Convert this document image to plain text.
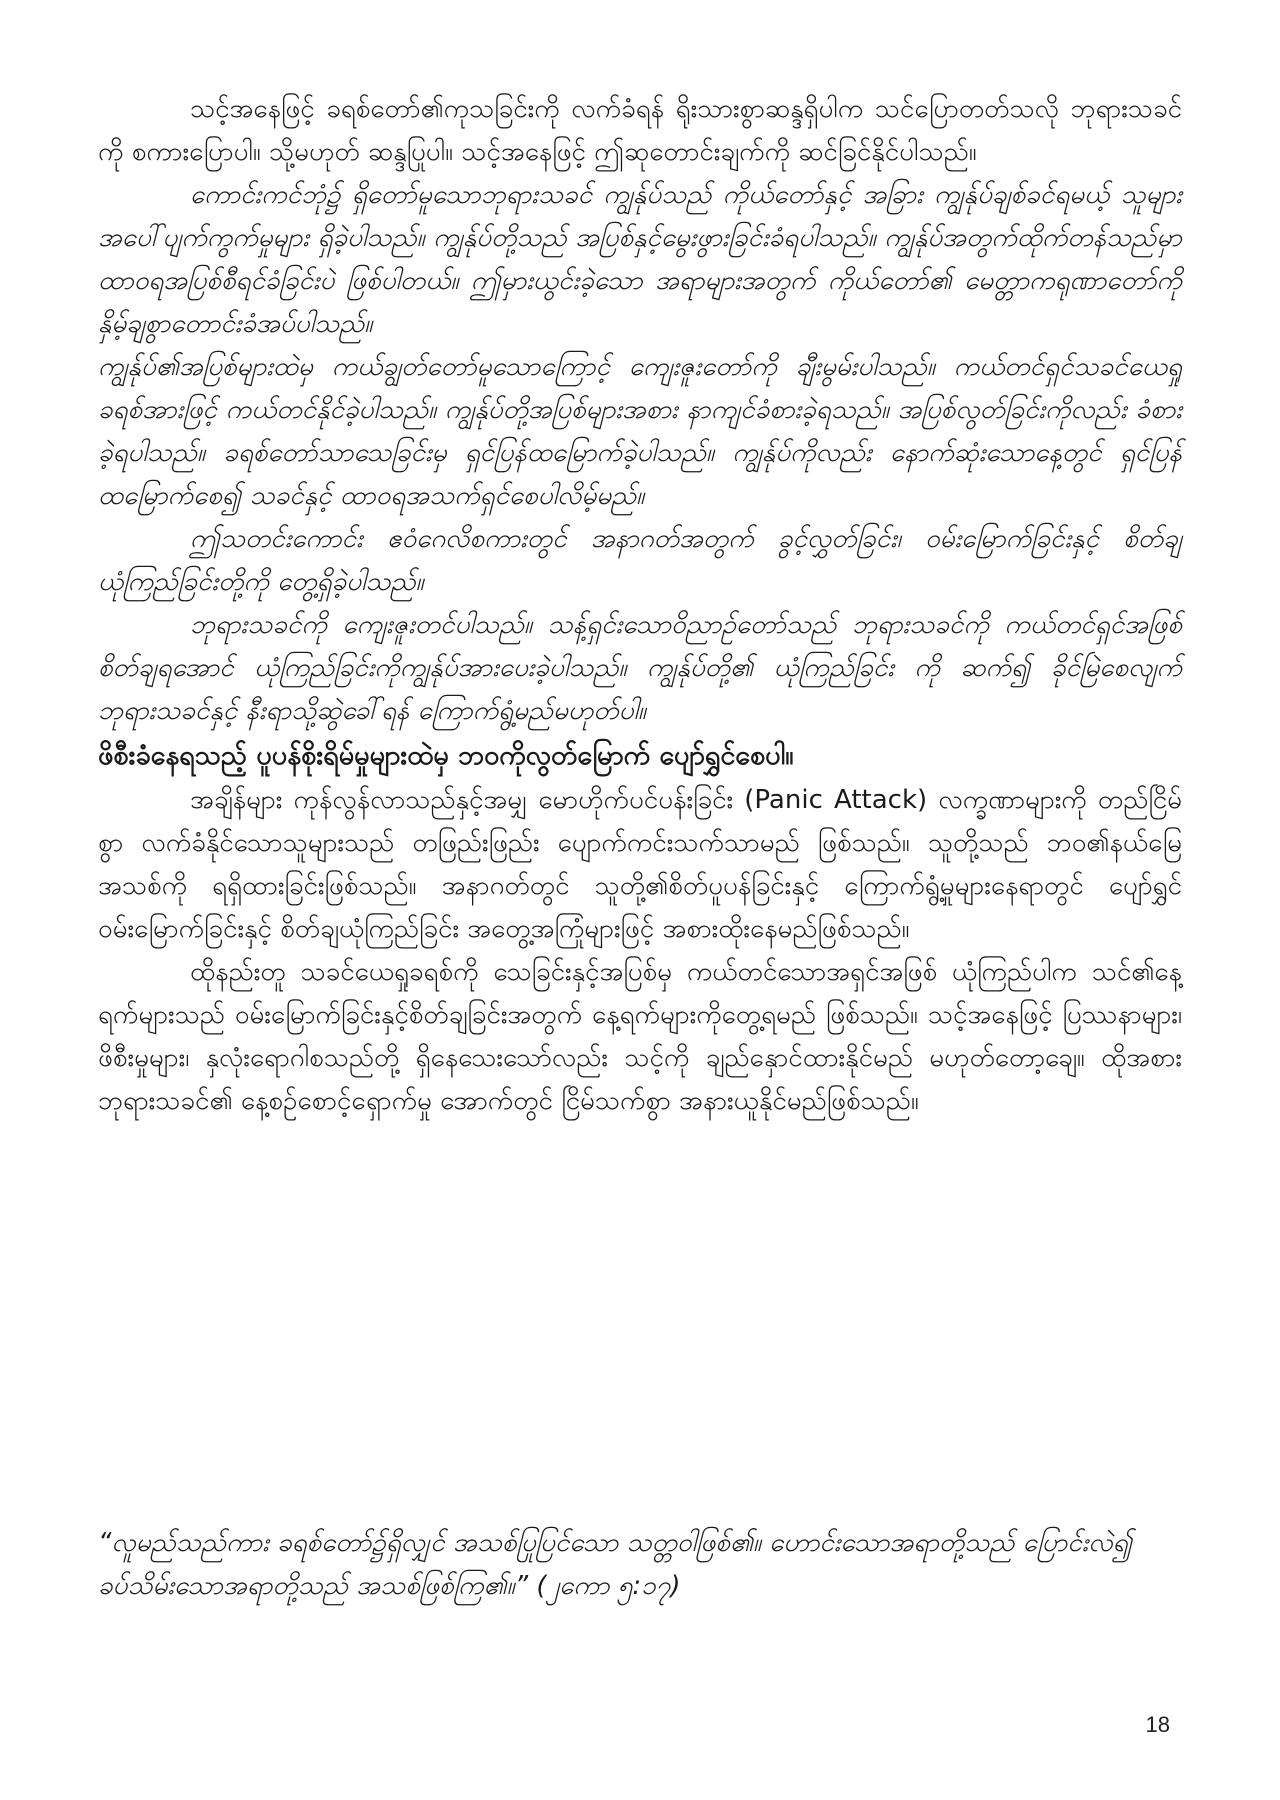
သင့်အနေဖြင့် ခရစ်တော်၏ကုသခြင်းကို လက်ခံရန် ရိုးသားစွာဆန္ဒရှိပါက သင်ပြောတတ်သလို ဘုရားသခင်ကို စကားပြောပါ။ သို့မဟုတ် ဆန္ဒပြုပါ။ သင့်အနေဖြင့် ဤဆုတောင်းချက်ကို ဆင်ခြင်နိုင်ပါသည်။

ကောင်းကင်ဘုံ၌ ရှိတော်မူသောဘုရားသခင် ကျွန်ုပ်သည် ကိုယ်တော်နှင့် အခြား ကျွန်ုပ်ချစ်ခင်ရမယ့် သူများအပေါ်ပျက်ကွက်မှုများ ရှိခဲ့ပါသည်။ ကျွန်ုပ်တို့သည် အပြစ်နှင့်မွေးဖွားခြင်းခံရပါသည်။ ကျွန်ုပ်အတွက်ထိုက်တန်သည်မှာ ထာဝရအပြစ်စီရင်ခံခြင်းပဲ ဖြစ်ပါတယ်။ ဤမှားယွင်းခဲ့သော အရာများအတွက် ကိုယ်တော်၏ မေတ္တာကရုဏာတော်ကို နှိမ့်ချစွာတောင်းခံအပ်ပါသည်။

ကျွန်ုပ်၏အပြစ်များထဲမှ ကယ်ချွတ်တော်မူသောကြောင့် ကျေးဇူးတော်ကို ချီးမွမ်းပါသည်။ ကယ်တင်ရှင်သခင်ယေရှုခရစ်အားဖြင့် ကယ်တင်နိုင်ခဲ့ပါသည်။ ကျွန်ုပ်တို့အပြစ်များအစား နာကျင်ခံစားခဲ့ရသည်။ အပြစ်လွတ်ခြင်းကိုလည်း ခံစားခဲ့ရပါသည်။ ခရစ်တော်သာသေခြင်းမှ ရှင်ပြန်ထမြောက်ခဲ့ပါသည်။ ကျွန်ုပ်ကိုလည်း နောက်ဆုံးသောနေ့တွင် ရှင်ပြန်ထမြောက်စေ၍ သခင်နှင့် ထာဝရအသက်ရှင်စေပါလိမ့်မည်။

ဤသတင်းကောင်း ဧဝံဂေလိစကားတွင် အနာဂတ်အတွက် ခွင့်လွှတ်ခြင်း၊ ဝမ်းမြောက်ခြင်းနှင့် စိတ်ချယုံကြည်ခြင်းတို့ကို တွေ့ရှိခဲ့ပါသည်။

ဘုရားသခင်ကို ကျေးဇူးတင်ပါသည်။ သန့်ရှင်းသောဝိညာဉ်တော်သည် ဘုရားသခင်ကို ကယ်တင်ရှင်အဖြစ်စိတ်ချရအောင် ယုံကြည်ခြင်းကိုကျွန်ုပ်အားပေးခဲ့ပါသည်။ ကျွန်ုပ်တို့၏ ယုံကြည်ခြင်း ကို ဆက်၍ ခိုင်မြဲစေလျက် ဘုရားသခင်နှင့် နီးရာသို့ဆွဲခေါ်ရန် ကြောက်ရွံ့မည်မဟုတ်ပါ။

ဖိစီးခံနေရသည့် ပူပန်စိုးရိမ်မှုများထဲမှ ဘဝကိုလွတ်မြောက် ပျော်ရွှင်စေပါ။

အချိန်များ ကုန်လွန်လာသည်နှင့်အမျှ မောဟိုက်ပင်ပန်းခြင်း (Panic Attack) လက္ခဏာများကို တည်ငြိမ်စွာ လက်ခံနိုင်သောသူများသည် တဖြည်းဖြည်း ပျောက်ကင်းသက်သာမည် ဖြစ်သည်။ သူတို့သည် ဘဝ၏နယ်မြေအသစ်ကို ရရှိထားခြင်းဖြစ်သည်။ အနာဂတ်တွင် သူတို့၏စိတ်ပူပန်ခြင်းနှင့် ကြောက်ရွံ့မှုများနေရာတွင် ပျော်ရွှင်ဝမ်းမြောက်ခြင်းနှင့် စိတ်ချယုံကြည်ခြင်း အတွေ့အကြုံများဖြင့် အစားထိုးနေမည်ဖြစ်သည်။

ထိုနည်းတူ သခင်ယေရှုခရစ်ကို သေခြင်းနှင့်အပြစ်မှ ကယ်တင်သောအရှင်အဖြစ် ယုံကြည်ပါက သင်၏နေ့ရက်များသည် ဝမ်းမြောက်ခြင်းနှင့်စိတ်ချခြင်းအတွက် နေ့ရက်များကိုတွေ့ရမည် ဖြစ်သည်။ သင့်အနေဖြင့် ပြဿနာများ၊ ဖိစီးမှုများ၊ နှလုံးရောဂါစသည်တို့ ရှိနေသေးသော်လည်း သင့်ကို ချည်နှောင်ထားနိုင်မည် မဟုတ်တော့ချေ။ ထိုအစား ဘုရားသခင်၏ နေ့စဉ်စောင့်ရှောက်မှု အောက်တွင် ငြိမ်သက်စွာ အနားယူနိုင်မည်ဖြစ်သည်။

“လူမည်သည်ကား ခရစ်တော်၌ရှိလျှင် အသစ်ပြုပြင်သော သတ္တဝါဖြစ်၏။ ဟောင်းသောအရာတို့သည် ပြောင်းလဲ၍ ခပ်သိမ်းသောအရာတို့သည် အသစ်ဖြစ်ကြ၏။” (၂ကော ၅:၁၇)

18
